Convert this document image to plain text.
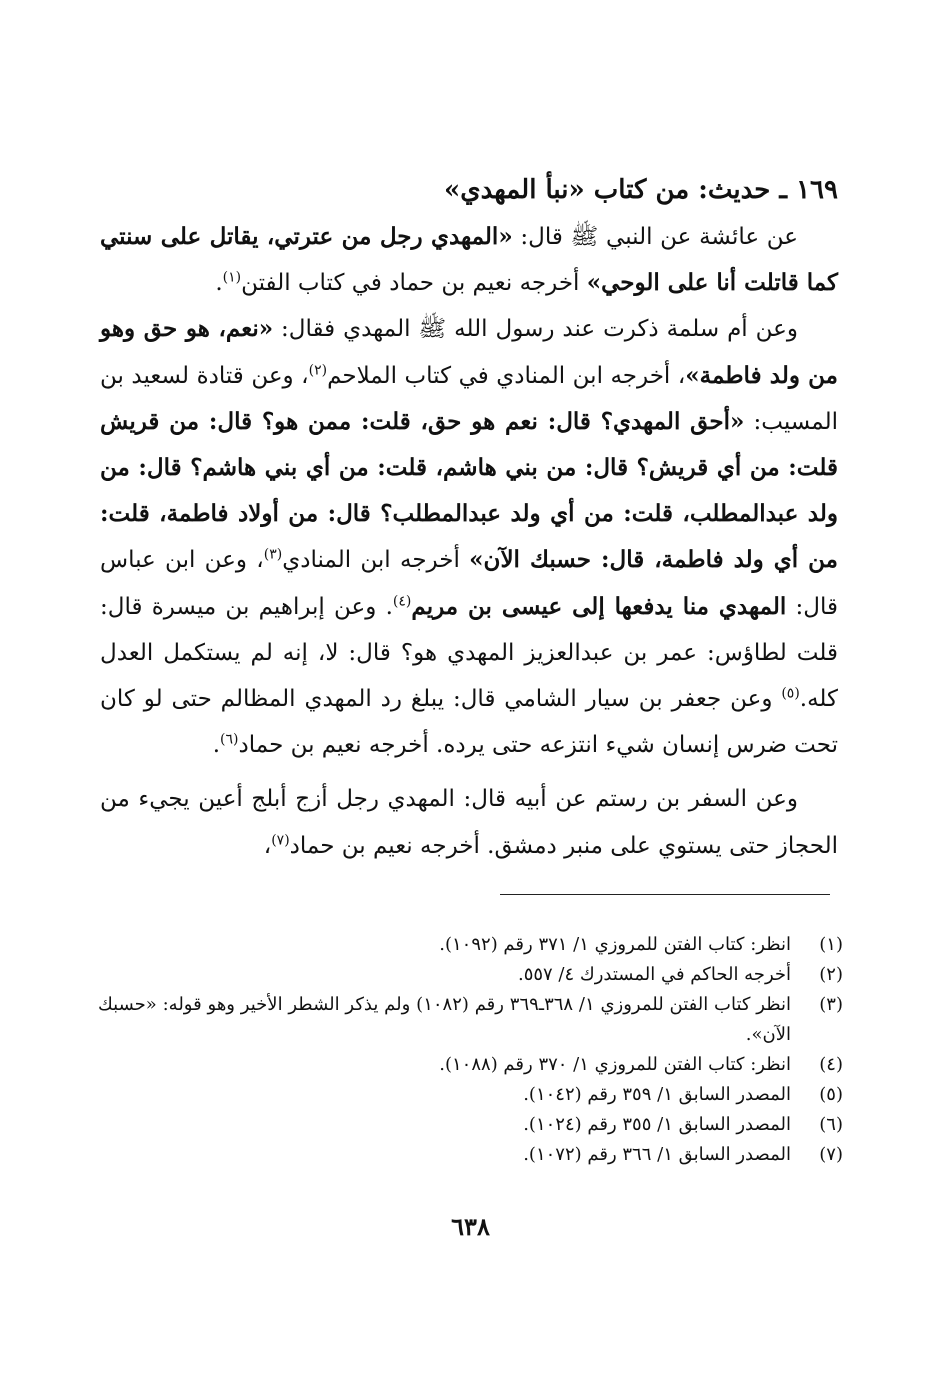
١٦٩ ـ حديث: من كتاب «نبأ المهدي»

عن عائشة عن النبي ﷺ قال: «المهدي رجل من عترتي، يقاتل على سنتي كما قاتلت أنا على الوحي» أخرجه نعيم بن حماد في كتاب الفتن$^{(١)}$.

وعن أم سلمة ذكرت عند رسول الله ﷺ المهدي فقال: «نعم، هو حق وهو من ولد فاطمة»، أخرجه ابن المنادي في كتاب الملاحم$^{(٢)}$، وعن قتادة لسعيد بن المسيب: «أحق المهدي؟ قال: نعم هو حق، قلت: ممن هو؟ قال: من قريش قلت: من أي قريش؟ قال: من بني هاشم، قلت: من أي بني هاشم؟ قال: من ولد عبدالمطلب، قلت: من أي ولد عبدالمطلب؟ قال: من أولاد فاطمة، قلت: من أي ولد فاطمة، قال: حسبك الآن» أخرجه ابن المنادي$^{(٣)}$، وعن ابن عباس قال: المهدي منا يدفعها إلى عيسى بن مريم$^{(٤)}$. وعن إبراهيم بن ميسرة قال: قلت لطاؤس: عمر بن عبدالعزيز المهدي هو؟ قال: لا، إنه لم يستكمل العدل كله.$^{(٥)}$ وعن جعفر بن سيار الشامي قال: يبلغ رد المهدي المظالم حتى لو كان تحت ضرس إنسان شيء انتزعه حتى يرده. أخرجه نعيم بن حماد$^{(٦)}$.

وعن السفر بن رستم عن أبيه قال: المهدي رجل أزج أبلج أعين يجيء من الحجاز حتى يستوي على منبر دمشق. أخرجه نعيم بن حماد$^{(٧)}$،

(١)
انظر: كتاب الفتن للمروزي ١/ ٣٧١ رقم (١٠٩٢).

(٢)
أخرجه الحاكم في المستدرك ٤/ ٥٥٧.

(٣)
انظر كتاب الفتن للمروزي ١/ ٣٦٨ـ٣٦٩ رقم (١٠٨٢) ولم يذكر الشطر الأخير وهو قوله: «حسبك الآن».

(٤)
انظر: كتاب الفتن للمروزي ١/ ٣٧٠ رقم (١٠٨٨).

(٥)
المصدر السابق ١/ ٣٥٩ رقم (١٠٤٢).

(٦)
المصدر السابق ١/ ٣٥٥ رقم (١٠٢٤).

(٧)
المصدر السابق ١/ ٣٦٦ رقم (١٠٧٢).

٦٣٨
